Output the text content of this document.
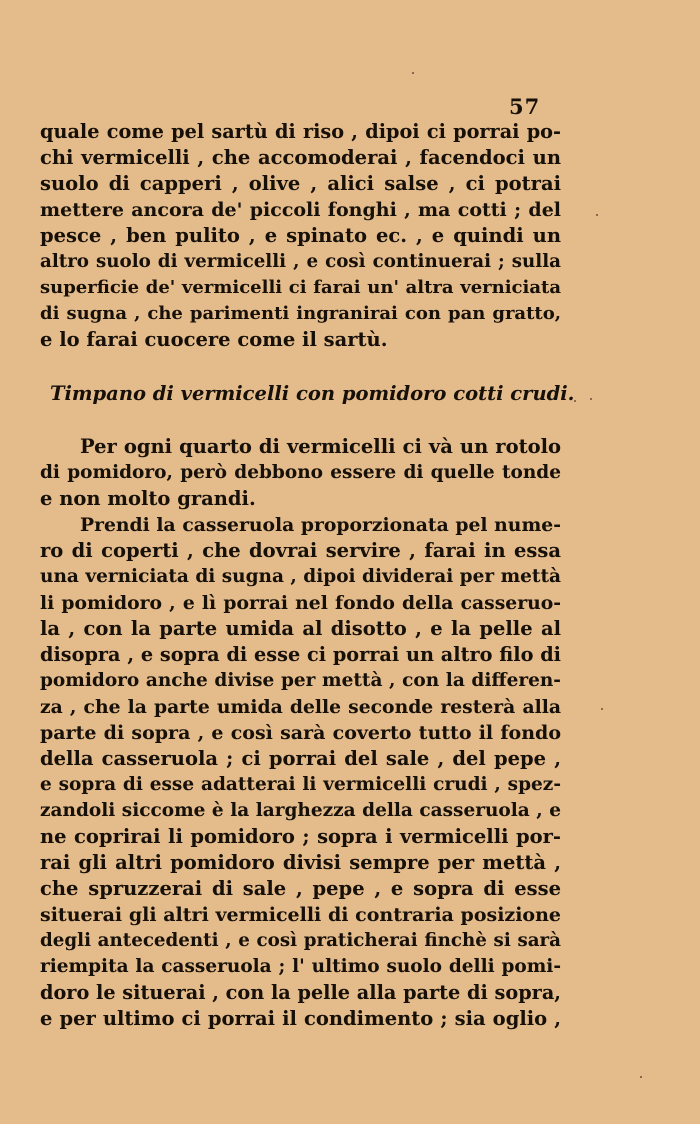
57
quale come pel sartù di riso , dipoi ci porrai po-
chi vermicelli , che accomoderai , facendoci un
suolo di capperi , olive , alici salse , ci potrai
mettere ancora de' piccoli fonghi , ma cotti ; del
pesce , ben pulito , e spinato ec. , e quindi un
altro suolo di vermicelli , e così continuerai ; sulla
superficie de' vermicelli ci farai un' altra verniciata
di sugna , che parimenti ingranirai con pan gratto,
e lo farai cuocere come il sartù.
Timpano di vermicelli con pomidoro cotti crudi.
Per ogni quarto di vermicelli ci và un rotolo
di pomidoro, però debbono essere di quelle tonde
e non molto grandi.
Prendi la casseruola proporzionata pel nume-
ro di coperti , che dovrai servire , farai in essa
una verniciata di sugna , dipoi dividerai per mettà
li pomidoro , e lì porrai nel fondo della casseruo-
la , con la parte umida al disotto , e la pelle al
disopra , e sopra di esse ci porrai un altro filo di
pomidoro anche divise per mettà , con la differen-
za , che la parte umida delle seconde resterà alla
parte di sopra , e così sarà coverto tutto il fondo
della casseruola ; ci porrai del sale , del pepe ,
e sopra di esse adatterai li vermicelli crudi , spez-
zandoli siccome è la larghezza della casseruola , e
ne coprirai li pomidoro ; sopra i vermicelli por-
rai gli altri pomidoro divisi sempre per mettà ,
che spruzzerai di sale , pepe , e sopra di esse
situerai gli altri vermicelli di contraria posizione
degli antecedenti , e così praticherai finchè si sarà
riempita la casseruola ; l' ultimo suolo delli pomi-
doro le situerai , con la pelle alla parte di sopra,
e per ultimo ci porrai il condimento ; sia oglio ,
